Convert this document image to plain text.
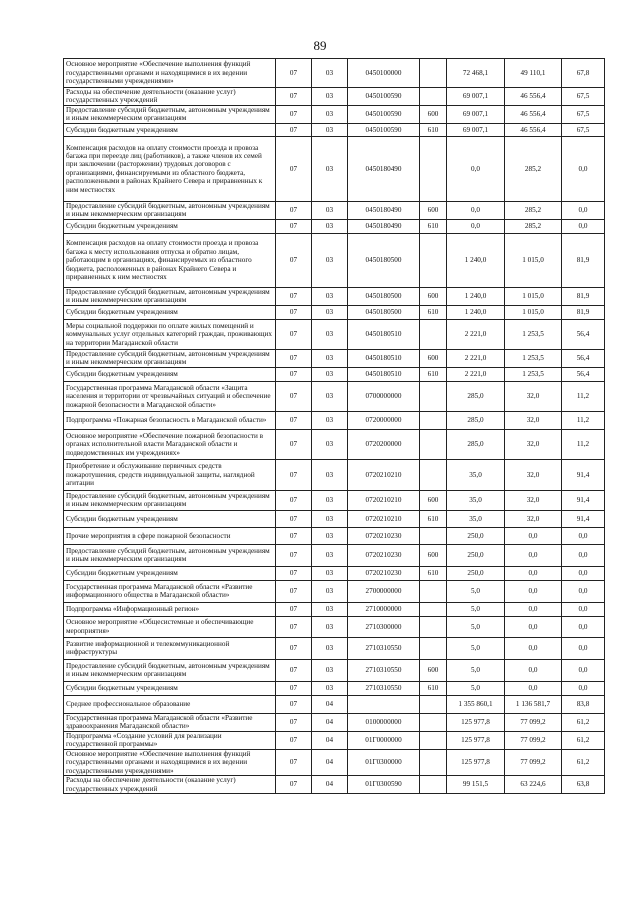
89
Основное мероприятие «Обеспечение выполнения функций государственными органами и находящимися в их ведении государственными учреждениями»	07	03	0450100000		72 468,1	49 110,1	67,8
Расходы на обеспечение деятельности (оказание услуг) государственных учреждений	07	03	0450100590		69 007,1	46 556,4	67,5
Предоставление субсидий бюджетным, автономным учреждениям и иным некоммерческим организациям	07	03	0450100590	600	69 007,1	46 556,4	67,5
Субсидии бюджетным учреждениям	07	03	0450100590	610	69 007,1	46 556,4	67,5
Компенсация расходов на оплату стоимости проезда и провоза багажа при переезде лиц (работников), а также членов их семей при заключении (расторжении) трудовых договоров с организациями, финансируемыми из областного бюджета, расположенными в районах Крайнего Севера и приравненных к ним местностях	07	03	0450180490		0,0	285,2	0,0
Предоставление субсидий бюджетным, автономным учреждениям и иным некоммерческим организациям	07	03	0450180490	600	0,0	285,2	0,0
Субсидии бюджетным учреждениям	07	03	0450180490	610	0,0	285,2	0,0
Компенсация расходов на оплату стоимости проезда и провоза багажа к месту использования отпуска и обратно лицам, работающим в организациях, финансируемых из областного бюджета, расположенных в районах Крайнего Севера и приравненных к ним местностях	07	03	0450180500		1 240,0	1 015,0	81,9
Предоставление субсидий бюджетным, автономным учреждениям и иным некоммерческим организациям	07	03	0450180500	600	1 240,0	1 015,0	81,9
Субсидии бюджетным учреждениям	07	03	0450180500	610	1 240,0	1 015,0	81,9
Меры социальной поддержки по оплате жилых помещений и коммунальных услуг отдельных категорий граждан, проживающих на территории Магаданской области	07	03	0450180510		2 221,0	1 253,5	56,4
Предоставление субсидий бюджетным, автономным учреждениям и иным некоммерческим организациям	07	03	0450180510	600	2 221,0	1 253,5	56,4
Субсидии бюджетным учреждениям	07	03	0450180510	610	2 221,0	1 253,5	56,4
Государственная программа Магаданской области «Защита населения и территории от чрезвычайных ситуаций и обеспечение пожарной безопасности в Магаданской области»	07	03	0700000000		285,0	32,0	11,2
Подпрограмма «Пожарная безопасность в Магаданской области»	07	03	0720000000		285,0	32,0	11,2
Основное мероприятие «Обеспечение пожарной безопасности в органах исполнительной власти Магаданской области и подведомственных им учреждениях»	07	03	0720200000		285,0	32,0	11,2
Приобретение и обслуживание первичных средств пожаротушения, средств индивидуальной защиты, наглядной агитации	07	03	0720210210		35,0	32,0	91,4
Предоставление субсидий бюджетным, автономным учреждениям и иным некоммерческим организациям	07	03	0720210210	600	35,0	32,0	91,4
Субсидии бюджетным учреждениям	07	03	0720210210	610	35,0	32,0	91,4
Прочие мероприятия в сфере пожарной безопасности	07	03	0720210230		250,0	0,0	0,0
Предоставление субсидий бюджетным, автономным учреждениям и иным некоммерческим организациям	07	03	0720210230	600	250,0	0,0	0,0
Субсидии бюджетным учреждениям	07	03	0720210230	610	250,0	0,0	0,0
Государственная программа Магаданской области «Развитие информационного общества в Магаданской области»	07	03	2700000000		5,0	0,0	0,0
Подпрограмма «Информационный регион»	07	03	2710000000		5,0	0,0	0,0
Основное мероприятие «Общесистемные и обеспечивающие мероприятия»	07	03	2710300000		5,0	0,0	0,0
Развитие информационной и телекоммуникационной инфраструктуры	07	03	2710310550		5,0	0,0	0,0
Предоставление субсидий бюджетным, автономным учреждениям и иным некоммерческим организациям	07	03	2710310550	600	5,0	0,0	0,0
Субсидии бюджетным учреждениям	07	03	2710310550	610	5,0	0,0	0,0
Среднее профессиональное образование	07	04			1 355 860,1	1 136 581,7	83,8
Государственная программа Магаданской области «Развитие здравоохранения Магаданской области»	07	04	0100000000		125 977,8	77 099,2	61,2
Подпрограмма «Создание условий для реализации государственной программы»	07	04	01Г0000000		125 977,8	77 099,2	61,2
Основное мероприятие «Обеспечение выполнения функций государственными органами и находящимися в их ведении государственными учреждениями»	07	04	01Г0300000		125 977,8	77 099,2	61,2
Расходы на обеспечение деятельности (оказание услуг) государственных учреждений	07	04	01Г0300590		99 151,5	63 224,6	63,8
